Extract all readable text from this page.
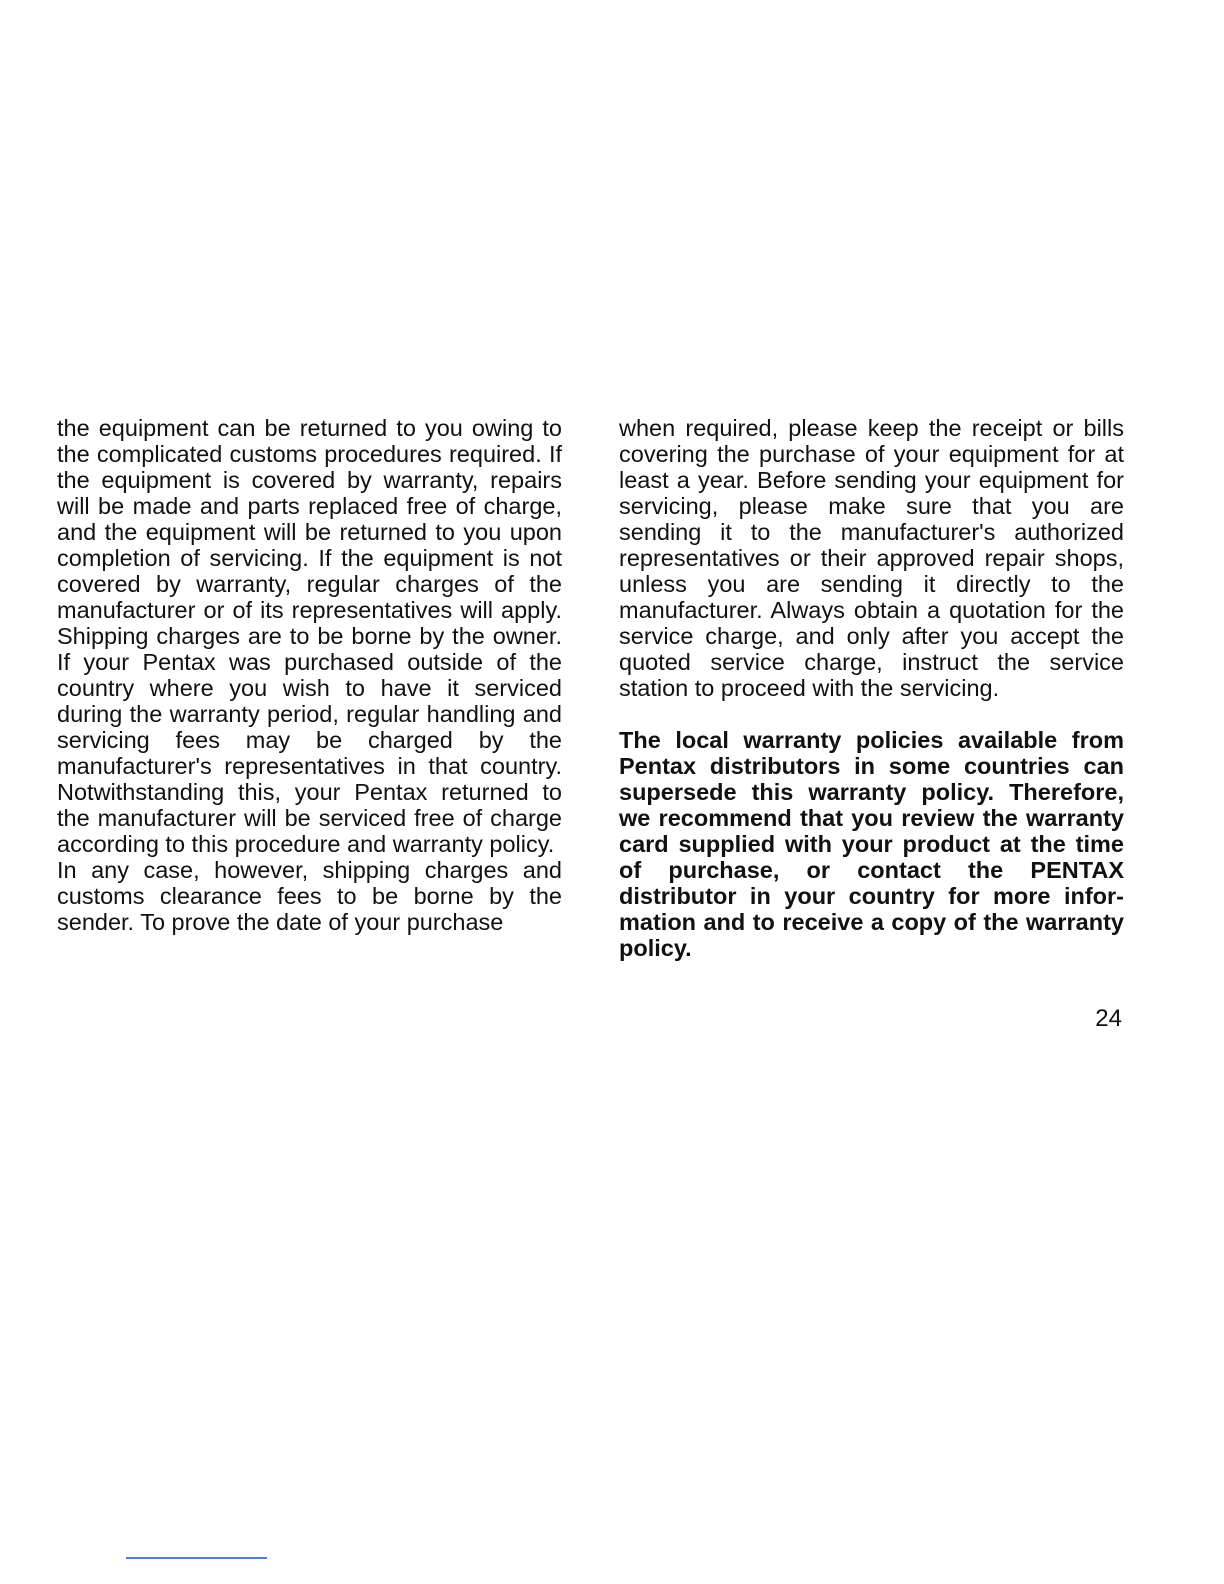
the equipment can be returned to you owing to the complicated customs procedures required. If the equipment is covered by warranty, repairs will be made and parts replaced free of charge, and the equipment will be returned to you upon completion of servicing. If the equipment is not covered by warranty, regular charges of the manufacturer or of its representatives will apply. Shipping charges are to be borne by the owner. If your Pentax was purchased outside of the country where you wish to have it serviced during the warranty period, regular handling and servicing fees may be charged by the manufacturer's representatives in that country. Notwithstanding this, your Pentax returned to the manufacturer will be serviced free of charge according to this procedure and warranty policy.

In any case, however, shipping charges and customs clearance fees to be borne by the sender. To prove the date of your purchase

when required, please keep the receipt or bills covering the purchase of your equipment for at least a year. Before sending your equipment for servicing, please make sure that you are sending it to the manufacturer's authorized representatives or their approved repair shops, unless you are sending it directly to the manufacturer. Always obtain a quotation for the service charge, and only after you accept the quoted service charge, instruct the service station to proceed with the servicing.

The local warranty policies available from Pentax distributors in some countries can supersede this warranty policy. Therefore, we recommend that you review the warranty card supplied with your product at the time of purchase, or contact the PENTAX distributor in your country for more information and to receive a copy of the warranty policy.

24
